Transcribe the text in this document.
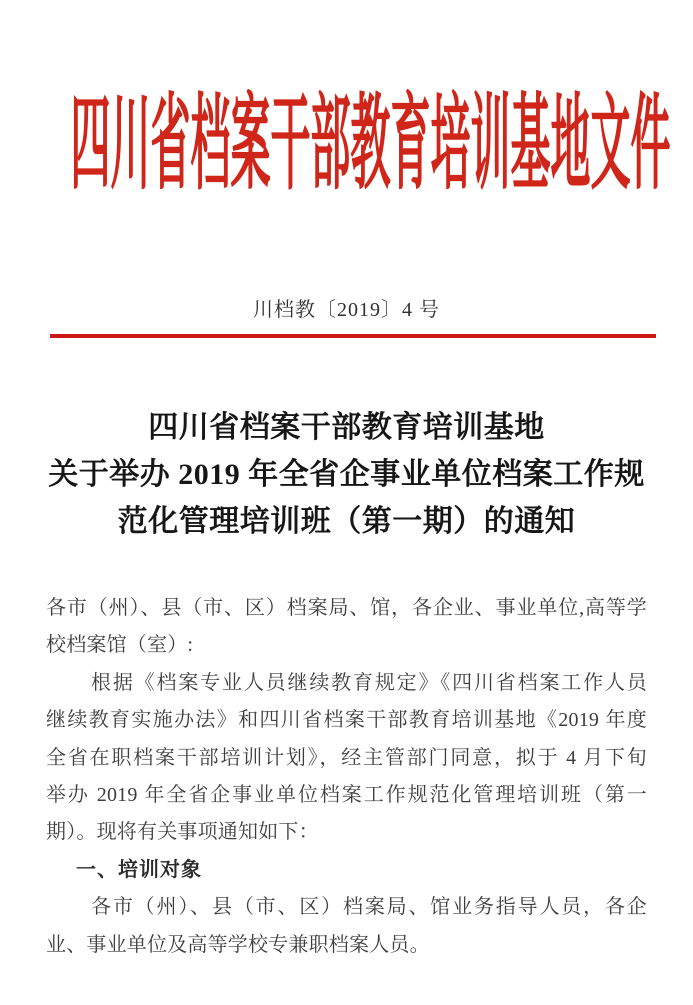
四川省档案干部教育培训基地文件
川档教〔2019〕4 号
四川省档案干部教育培训基地
关于举办 2019 年全省企事业单位档案工作规
范化管理培训班（第一期）的通知
各市（州）、县（市、区）档案局、馆，各企业、事业单位,高等学
校档案馆（室）:
根据《档案专业人员继续教育规定》《四川省档案工作人员
继续教育实施办法》和四川省档案干部教育培训基地《2019 年度
全省在职档案干部培训计划》，经主管部门同意，拟于 4 月下旬
举办 2019 年全省企事业单位档案工作规范化管理培训班（第一
期）。现将有关事项通知如下：
一、培训对象
各市（州）、县（市、区）档案局、馆业务指导人员，各企
业、事业单位及高等学校专兼职档案人员。
